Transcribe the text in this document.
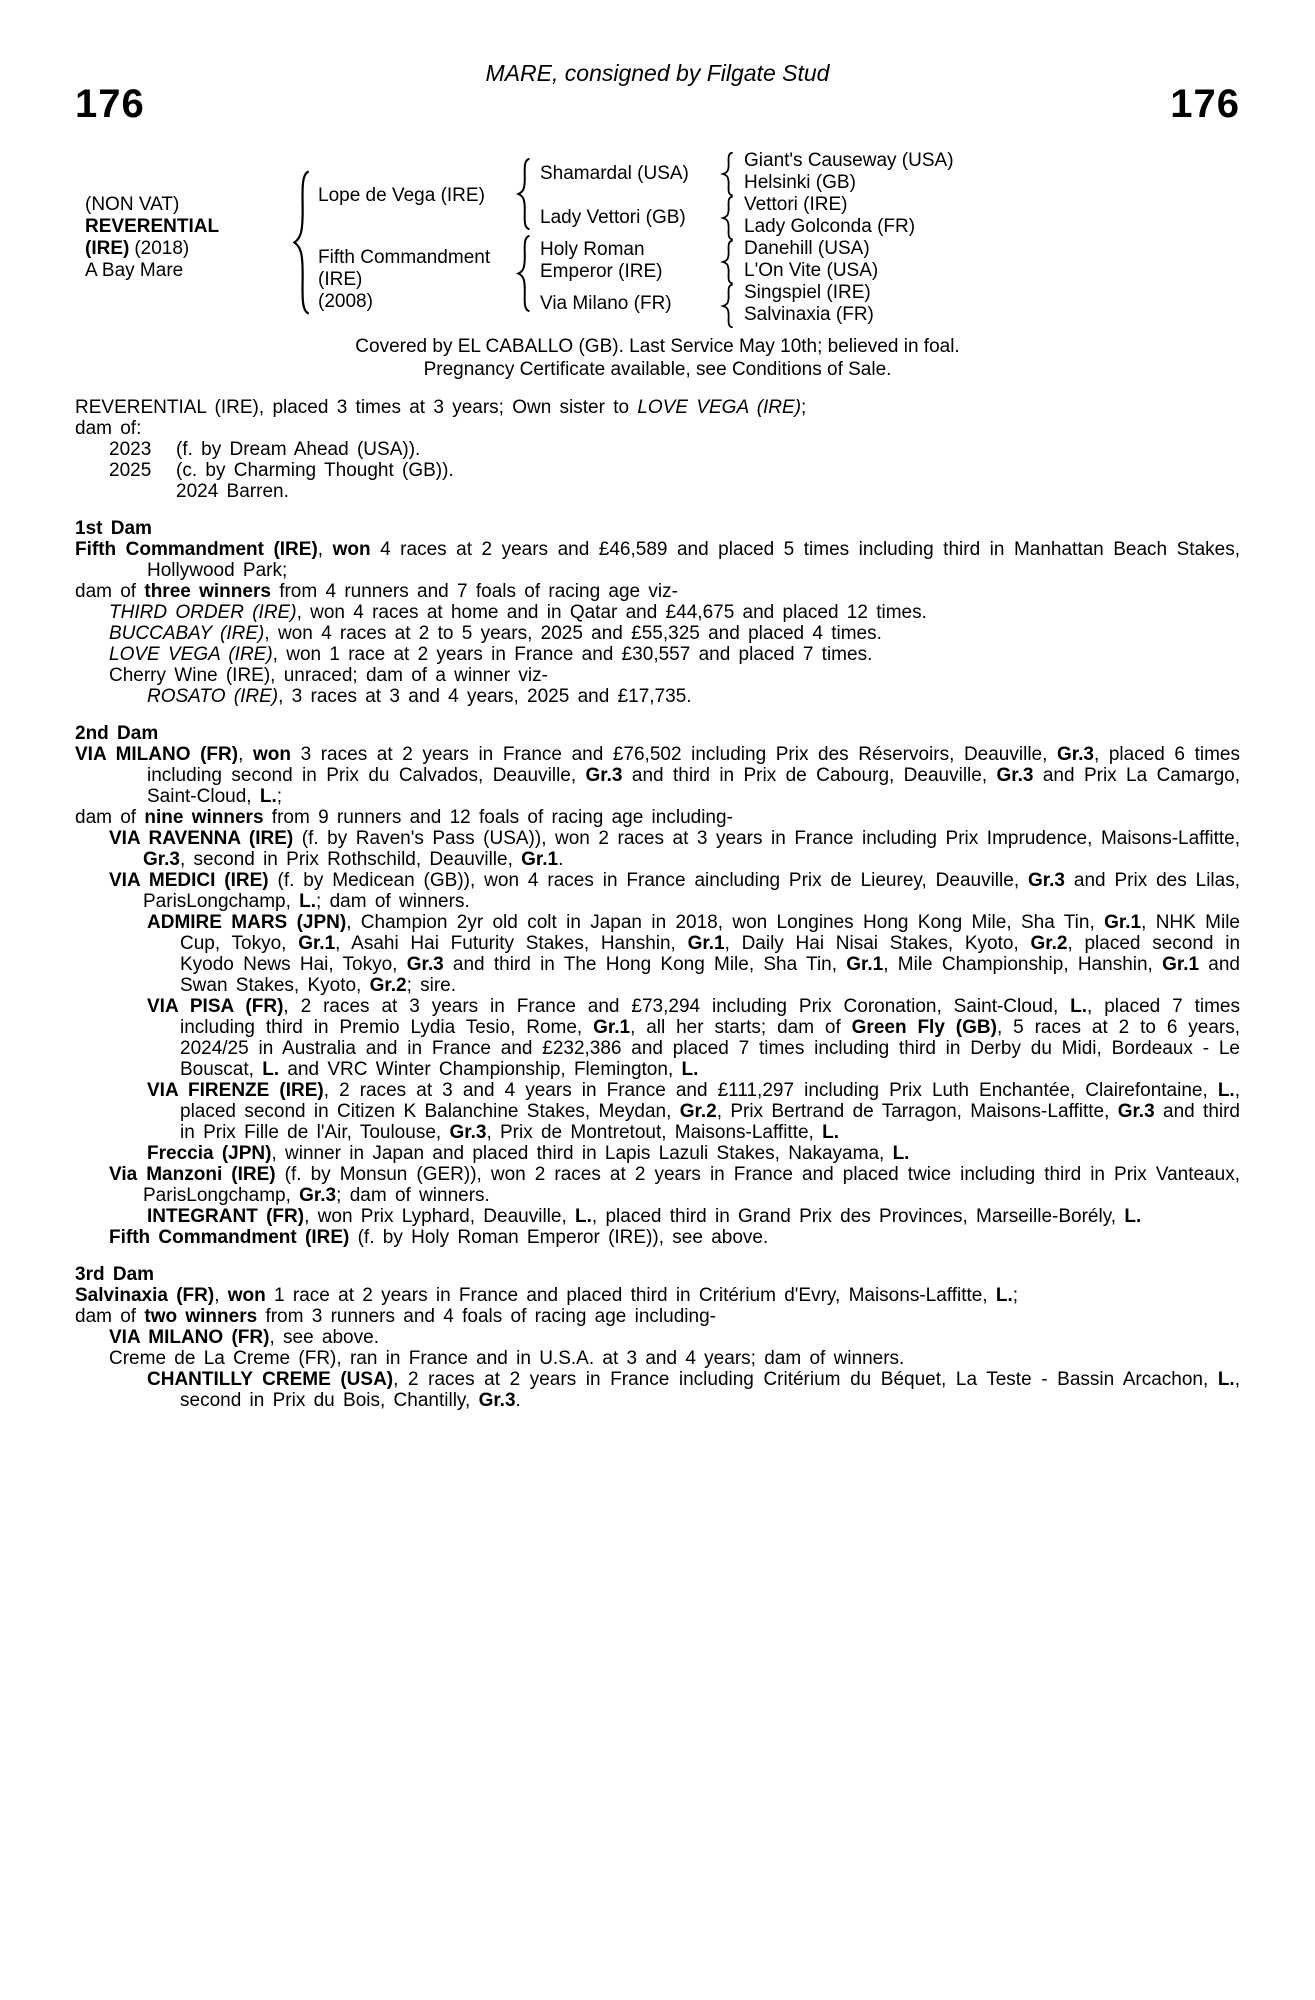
MARE, consigned by Filgate Stud
176	176
(NON VAT)
REVERENTIAL
(IRE) (2018)
A Bay Mare
Lope de Vega (IRE)
Fifth Commandment
(IRE)
(2008)
Shamardal (USA)
Lady Vettori (GB)
Holy Roman
Emperor (IRE)
Via Milano (FR)
Giant's Causeway (USA)
Helsinki (GB)
Vettori (IRE)
Lady Golconda (FR)
Danehill (USA)
L'On Vite (USA)
Singspiel (IRE)
Salvinaxia (FR)
Covered by EL CABALLO (GB). Last Service May 10th; believed in foal.
Pregnancy Certificate available, see Conditions of Sale.
REVERENTIAL (IRE), placed 3 times at 3 years; Own sister to LOVE VEGA (IRE);
dam of:
2023 (f. by Dream Ahead (USA)).
2025 (c. by Charming Thought (GB)).
2024 Barren.
1st Dam
Fifth Commandment (IRE), won 4 races at 2 years and £46,589 and placed 5 times including third in Manhattan Beach Stakes, Hollywood Park;
dam of three winners from 4 runners and 7 foals of racing age viz-
THIRD ORDER (IRE), won 4 races at home and in Qatar and £44,675 and placed 12 times.
BUCCABAY (IRE), won 4 races at 2 to 5 years, 2025 and £55,325 and placed 4 times.
LOVE VEGA (IRE), won 1 race at 2 years in France and £30,557 and placed 7 times.
Cherry Wine (IRE), unraced; dam of a winner viz-
ROSATO (IRE), 3 races at 3 and 4 years, 2025 and £17,735.
2nd Dam
VIA MILANO (FR), won 3 races at 2 years in France and £76,502 including Prix des Réservoirs, Deauville, Gr.3, placed 6 times including second in Prix du Calvados, Deauville, Gr.3 and third in Prix de Cabourg, Deauville, Gr.3 and Prix La Camargo, Saint-Cloud, L.;
dam of nine winners from 9 runners and 12 foals of racing age including-
VIA RAVENNA (IRE) (f. by Raven's Pass (USA)), won 2 races at 3 years in France including Prix Imprudence, Maisons-Laffitte, Gr.3, second in Prix Rothschild, Deauville, Gr.1.
VIA MEDICI (IRE) (f. by Medicean (GB)), won 4 races in France aincluding Prix de Lieurey, Deauville, Gr.3 and Prix des Lilas, ParisLongchamp, L.; dam of winners.
ADMIRE MARS (JPN), Champion 2yr old colt in Japan in 2018, won Longines Hong Kong Mile, Sha Tin, Gr.1, NHK Mile Cup, Tokyo, Gr.1, Asahi Hai Futurity Stakes, Hanshin, Gr.1, Daily Hai Nisai Stakes, Kyoto, Gr.2, placed second in Kyodo News Hai, Tokyo, Gr.3 and third in The Hong Kong Mile, Sha Tin, Gr.1, Mile Championship, Hanshin, Gr.1 and Swan Stakes, Kyoto, Gr.2; sire.
VIA PISA (FR), 2 races at 3 years in France and £73,294 including Prix Coronation, Saint-Cloud, L., placed 7 times including third in Premio Lydia Tesio, Rome, Gr.1, all her starts; dam of Green Fly (GB), 5 races at 2 to 6 years, 2024/25 in Australia and in France and £232,386 and placed 7 times including third in Derby du Midi, Bordeaux - Le Bouscat, L. and VRC Winter Championship, Flemington, L.
VIA FIRENZE (IRE), 2 races at 3 and 4 years in France and £111,297 including Prix Luth Enchantée, Clairefontaine, L., placed second in Citizen K Balanchine Stakes, Meydan, Gr.2, Prix Bertrand de Tarragon, Maisons-Laffitte, Gr.3 and third in Prix Fille de l'Air, Toulouse, Gr.3, Prix de Montretout, Maisons-Laffitte, L.
Freccia (JPN), winner in Japan and placed third in Lapis Lazuli Stakes, Nakayama, L.
Via Manzoni (IRE) (f. by Monsun (GER)), won 2 races at 2 years in France and placed twice including third in Prix Vanteaux, ParisLongchamp, Gr.3; dam of winners.
INTEGRANT (FR), won Prix Lyphard, Deauville, L., placed third in Grand Prix des Provinces, Marseille-Borély, L.
Fifth Commandment (IRE) (f. by Holy Roman Emperor (IRE)), see above.
3rd Dam
Salvinaxia (FR), won 1 race at 2 years in France and placed third in Critérium d'Evry, Maisons-Laffitte, L.;
dam of two winners from 3 runners and 4 foals of racing age including-
VIA MILANO (FR), see above.
Creme de La Creme (FR), ran in France and in U.S.A. at 3 and 4 years; dam of winners.
CHANTILLY CREME (USA), 2 races at 2 years in France including Critérium du Béquet, La Teste - Bassin Arcachon, L., second in Prix du Bois, Chantilly, Gr.3.
